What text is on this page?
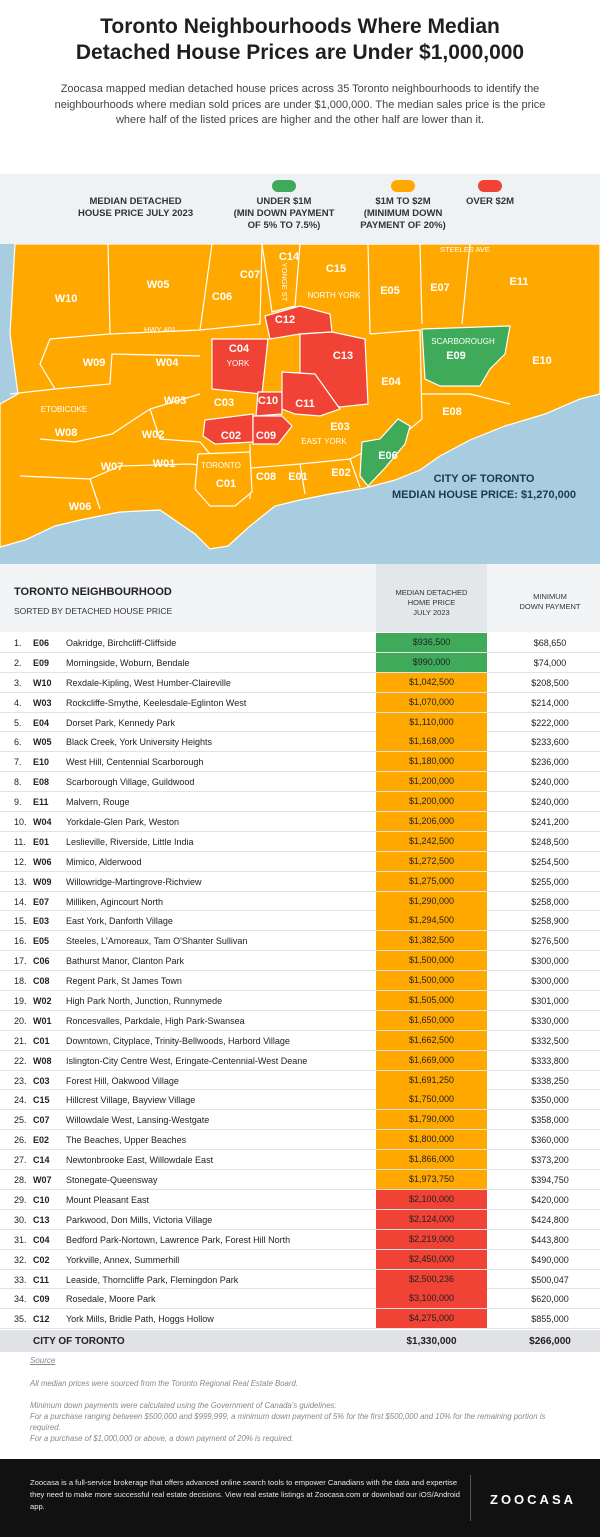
Toronto Neighbourhoods Where Median
Detached House Prices are Under $1,000,000

Zoocasa mapped median detached house prices across 35 Toronto neighbourhoods to identify the neighbourhoods where median sold prices are under $1,000,000. The median sales price is the price where half of the listed prices are higher and the other half are lower than it.

MEDIAN DETACHED
HOUSE PRICE JULY 2023
UNDER $1M
(MIN DOWN PAYMENT
OF 5% TO 7.5%)
$1M TO $2M
(MINIMUM DOWN
PAYMENT OF 20%)
OVER $2M
W10
W05
C07
C06
C14
C15
E05	E07	E11
W09	W04
C04
C12
C13	E09	E10
W03	C03 C10 C11
E04
E08
W08	W02	C02 C09
E03
W07	W01
C01
C08 E01 E02
E06
W06
NORTH YORK
YORK
SCARBOROUGH
ETOBICOKE
TORONTO
EAST YORK
STEELES AVE
HWY 401
YONGE ST
CITY OF TORONTO
MEDIAN HOUSE PRICE: $1,270,000
TORONTO NEIGHBOURHOOD
SORTED BY DETACHED HOUSE PRICE
MEDIAN DETACHED
HOME PRICE
JULY 2023
MINIMUM
DOWN PAYMENT
1. E06 Oakridge, Birchcliff-Cliffside	$936,500	$68,650
2. E09 Morningside, Woburn, Bendale	$990,000	$74,000
3. W10 Rexdale-Kipling, West Humber-Claireville	$1,042,500	$208,500
4. W03 Rockcliffe-Smythe, Keelesdale-Eglinton West	$1,070,000	$214,000
5. E04 Dorset Park, Kennedy Park	$1,110,000	$222,000
6. W05 Black Creek, York University Heights	$1,168,000	$233,600
7. E10 West Hill, Centennial Scarborough	$1,180,000	$236,000
8. E08 Scarborough Village, Guildwood	$1,200,000	$240,000
9. E11 Malvern, Rouge	$1,200,000	$240,000
10. W04 Yorkdale-Glen Park, Weston	$1,206,000	$241,200
11. E01 Leslieville, Riverside, Little India	$1,242,500	$248,500
12. W06 Mimico, Alderwood	$1,272,500	$254,500
13. W09 Willowridge-Martingrove-Richview	$1,275,000	$255,000
14. E07 Milliken, Agincourt North	$1,290,000	$258,000
15. E03 East York, Danforth Village	$1,294,500	$258,900
16. E05 Steeles, L'Amoreaux, Tam O'Shanter Sullivan	$1,382,500	$276,500
17. C06 Bathurst Manor, Clanton Park	$1,500,000	$300,000
18. C08 Regent Park, St James Town	$1,500,000	$300,000
19. W02 High Park North, Junction, Runnymede	$1,505,000	$301,000
20. W01 Roncesvalles, Parkdale, High Park-Swansea	$1,650,000	$330,000
21. C01 Downtown, Cityplace, Trinity-Bellwoods, Harbord Village	$1,662,500	$332,500
22. W08 Islington-City Centre West, Eringate-Centennial-West Deane	$1,669,000	$333,800
23. C03 Forest Hill, Oakwood Village	$1,691,250	$338,250
24. C15 Hillcrest Village, Bayview Village	$1,750,000	$350,000
25. C07 Willowdale West, Lansing-Westgate	$1,790,000	$358,000
26. E02 The Beaches, Upper Beaches	$1,800,000	$360,000
27. C14 Newtonbrooke East, Willowdale East	$1,866,000	$373,200
28. W07 Stonegate-Queensway	$1,973,750	$394,750
29. C10 Mount Pleasant East	$2,100,000	$420,000
30. C13 Parkwood, Don Mills, Victoria Village	$2,124,000	$424,800
31. C04 Bedford Park-Nortown, Lawrence Park, Forest Hill North	$2,219,000	$443,800
32. C02 Yorkville, Annex, Summerhill	$2,450,000	$490,000
33. C11 Leaside, Thorncliffe Park, Flemingdon Park	$2,500,236	$500,047
34. C09 Rosedale, Moore Park	$3,100,000	$620,000
35. C12 York Mills, Bridle Path, Hoggs Hollow	$4,275,000	$855,000
CITY OF TORONTO	$1,330,000	$266,000
Source
All median prices were sourced from the Toronto Regional Real Estate Board.
Minimum down payments were calculated using the Government of Canada's guidelines:
For a purchase ranging between $500,000 and $999,999, a minimum down payment of 5% for the first $500,000 and 10% for the remaining portion is required.
For a purchase of $1,000,000 or above, a down payment of 20% is required.
Zoocasa is a full-service brokerage that offers advanced online search tools to empower Canadians with the data and expertise they need to make more successful real estate decisions. View real estate listings at Zoocasa.com or download our iOS/Android app.	ZOOCASA
